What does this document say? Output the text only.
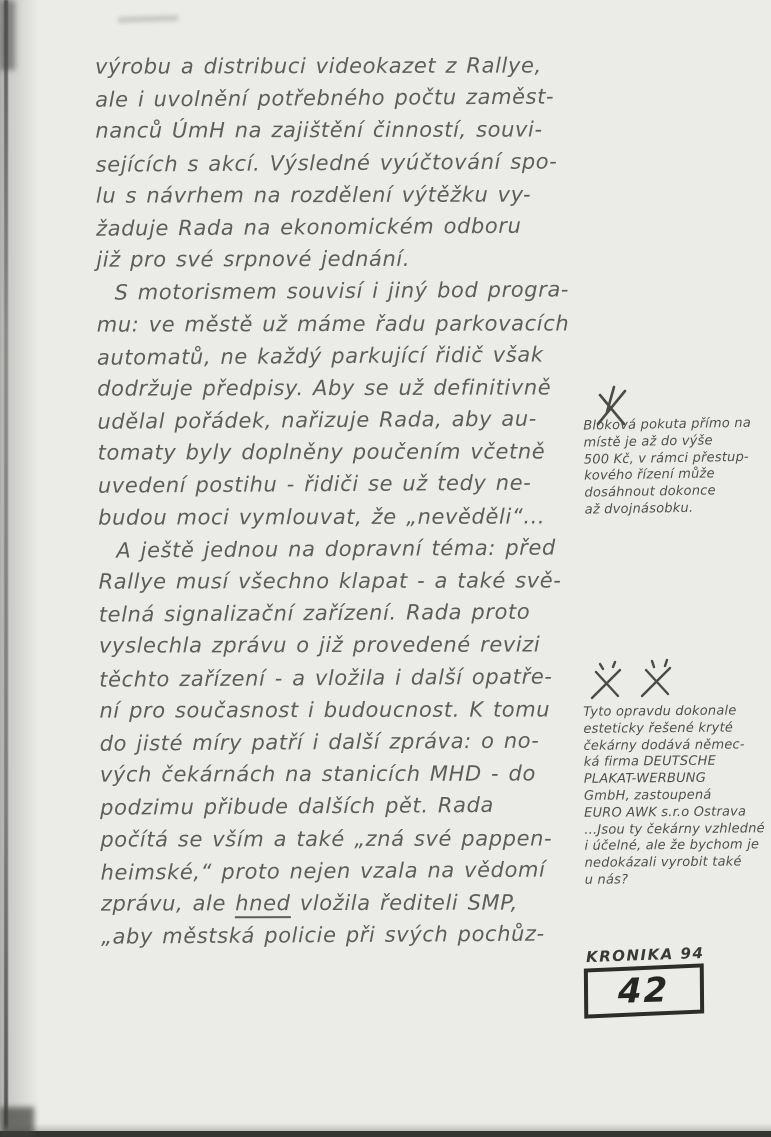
výrobu a distribuci videokazet z Rallye,
ale i uvolnění potřebného počtu zaměst-
nanců ÚmH na zajištění činností, souvi-
sejících s akcí. Výsledné vyúčtování spo-
lu s návrhem na rozdělení výtěžku vy-
žaduje Rada na ekonomickém odboru
již pro své srpnové jednání.
S motorismem souvisí i jiný bod progra-
mu: ve městě už máme řadu parkovacích
automatů, ne každý parkující řidič však
dodržuje předpisy. Aby se už definitivně
udělal pořádek, nařizuje Rada, aby au-
tomaty byly doplněny poučením včetně
uvedení postihu - řidiči se už tedy ne-
budou moci vymlouvat, že „nevěděli“...
A ještě jednou na dopravní téma: před
Rallye musí všechno klapat - a také svě-
telná signalizační zařízení. Rada proto
vyslechla zprávu o již provedené revizi
těchto zařízení - a vložila i další opatře-
ní pro současnost i budoucnost. K tomu
do jisté míry patří i další zpráva: o no-
vých čekárnách na stanicích MHD - do
podzimu přibude dalších pět. Rada
počítá se vším a také „zná své pappen-
heimské,“ proto nejen vzala na vědomí
zprávu, ale hned vložila řediteli SMP,
„aby městská policie při svých pochůz-
Bloková pokuta přímo na
místě je až do výše
500 Kč, v rámci přestup-
kového řízení může
dosáhnout dokonce
až dvojnásobku.
Tyto opravdu dokonale
esteticky řešené kryté
čekárny dodává němec-
ká firma DEUTSCHE
PLAKAT-WERBUNG
GmbH, zastoupená
EURO AWK s.r.o Ostrava
...Jsou ty čekárny vzhledné
i účelné, ale že bychom je
nedokázali vyrobit také
u nás?
KRONIKA 94
42
